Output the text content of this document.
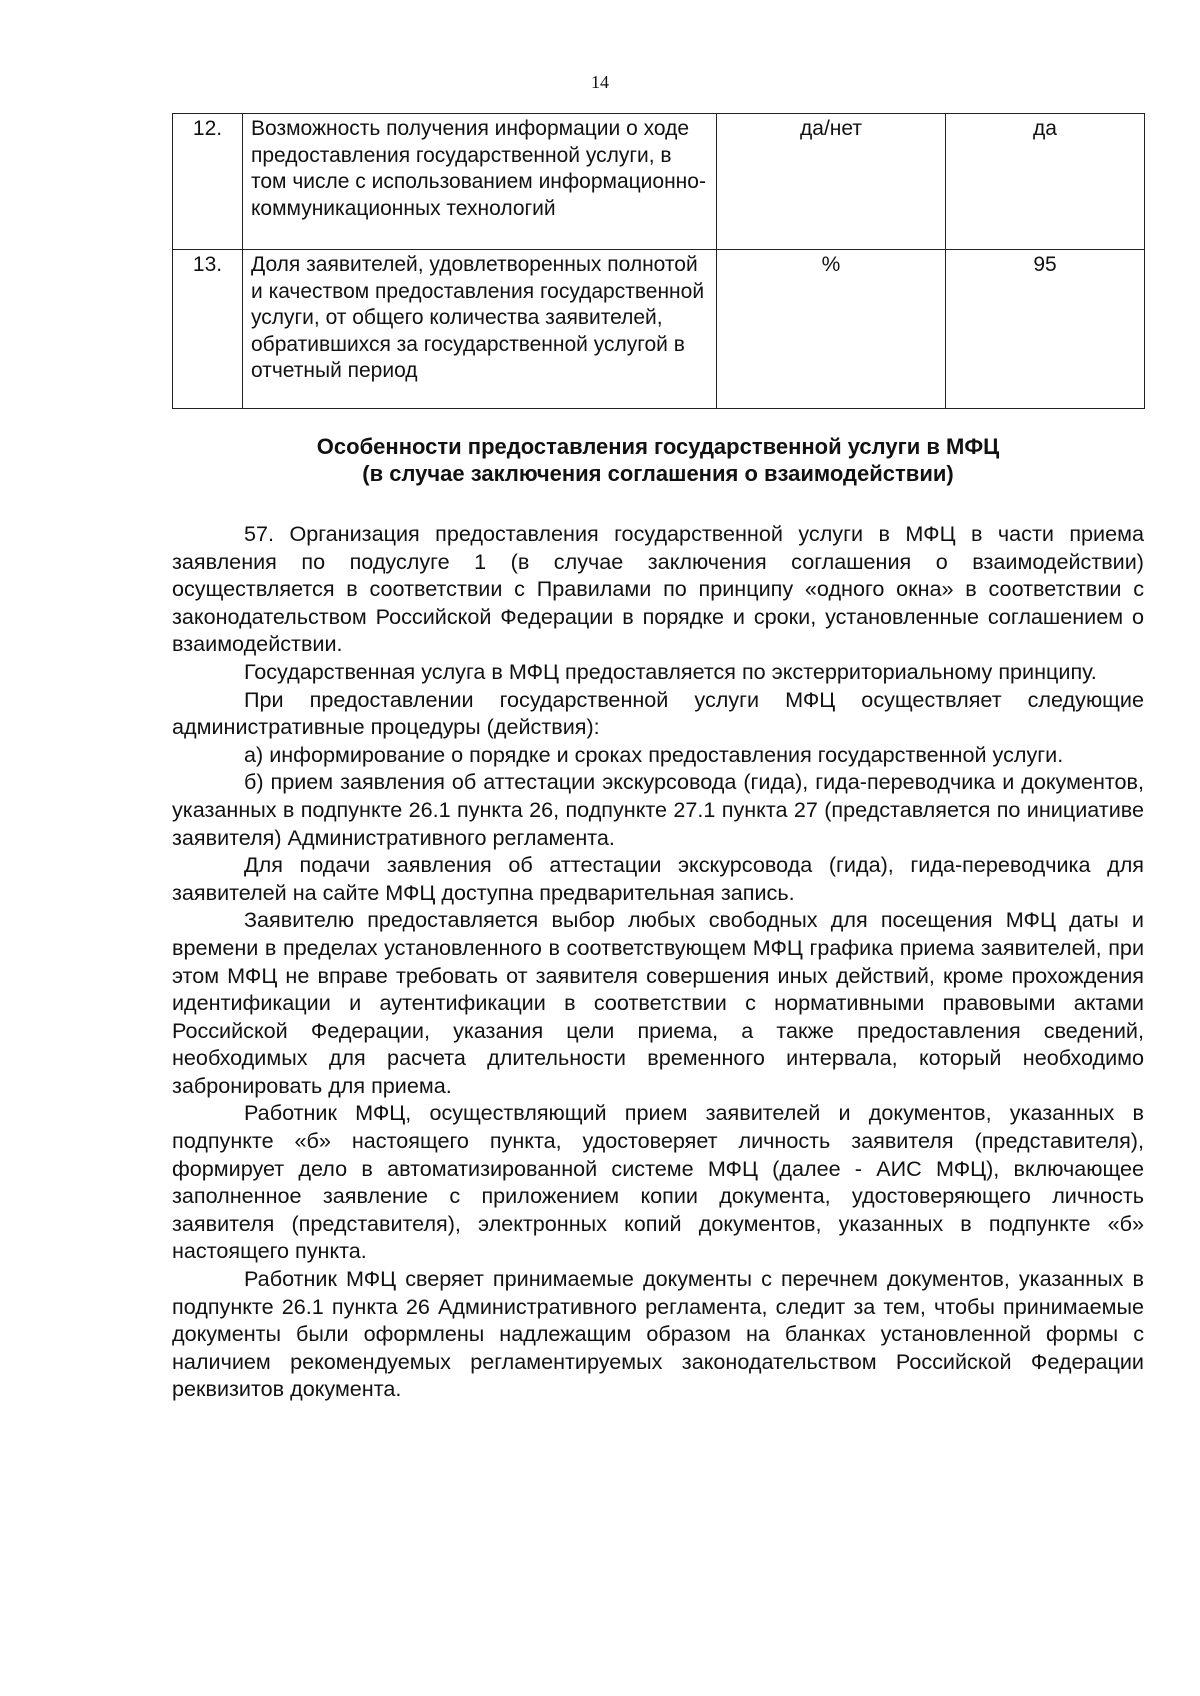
14
12.	Возможность получения информации о ходе предоставления государственной услуги, в том числе с использованием информационно-коммуникационных технологий	да/нет	да
13.	Доля заявителей, удовлетворенных полнотой и качеством предоставления государственной услуги, от общего количества заявителей, обратившихся за государственной услугой в отчетный период	%	95
Особенности предоставления государственной услуги в МФЦ
(в случае заключения соглашения о взаимодействии)

57. Организация предоставления государственной услуги в МФЦ в части приема заявления по подуслуге 1 (в случае заключения соглашения о взаимодействии) осуществляется в соответствии с Правилами по принципу «одного окна» в соответствии с законодательством Российской Федерации в порядке и сроки, установленные соглашением о взаимодействии.

Государственная услуга в МФЦ предоставляется по экстерриториальному принципу.

При предоставлении государственной услуги МФЦ осуществляет следующие административные процедуры (действия):

а) информирование о порядке и сроках предоставления государственной услуги.

б) прием заявления об аттестации экскурсовода (гида), гида-переводчика и документов, указанных в подпункте 26.1 пункта 26, подпункте 27.1 пункта 27 (представляется по инициативе заявителя) Административного регламента.

Для подачи заявления об аттестации экскурсовода (гида), гида-переводчика для заявителей на сайте МФЦ доступна предварительная запись.

Заявителю предоставляется выбор любых свободных для посещения МФЦ даты и времени в пределах установленного в соответствующем МФЦ графика приема заявителей, при этом МФЦ не вправе требовать от заявителя совершения иных действий, кроме прохождения идентификации и аутентификации в соответствии с нормативными правовыми актами Российской Федерации, указания цели приема, а также предоставления сведений, необходимых для расчета длительности временного интервала, который необходимо забронировать для приема.

Работник МФЦ, осуществляющий прием заявителей и документов, указанных в подпункте «б» настоящего пункта, удостоверяет личность заявителя (представителя), формирует дело в автоматизированной системе МФЦ (далее - АИС МФЦ), включающее заполненное заявление с приложением копии документа, удостоверяющего личность заявителя (представителя), электронных копий документов, указанных в подпункте «б» настоящего пункта.

Работник МФЦ сверяет принимаемые документы с перечнем документов, указанных в подпункте 26.1 пункта 26 Административного регламента, следит за тем, чтобы принимаемые документы были оформлены надлежащим образом на бланках установленной формы с наличием рекомендуемых регламентируемых законодательством Российской Федерации реквизитов документа.
